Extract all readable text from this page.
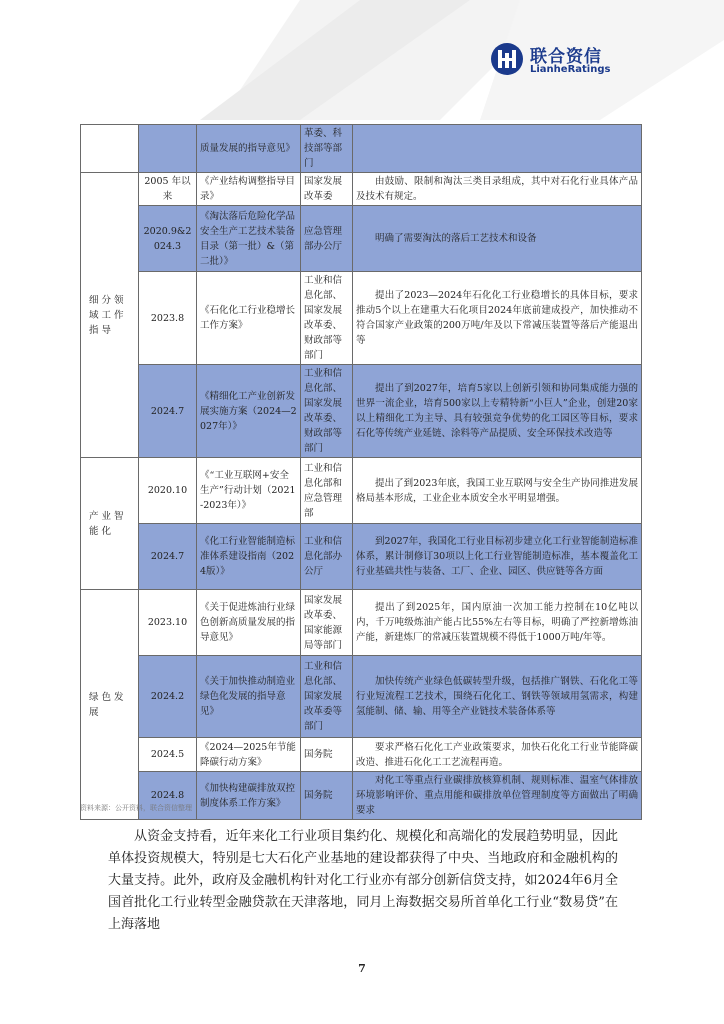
联合资信
LianheRatings
		质量发展的指导意见》	革委、科技部等部门	
细分领域工作指导	2005 年以来	《产业结构调整指导目录》	国家发展改革委	由鼓励、限制和淘汰三类目录组成，其中对石化行业具体产品及技术有规定。
	2020.9&2024.3	《淘汰落后危险化学品安全生产工艺技术装备目录（第一批）&（第二批）》	应急管理部办公厅	明确了需要淘汰的落后工艺技术和设备
	2023.8	《石化化工行业稳增长工作方案》	工业和信息化部、国家发展改革委、财政部等部门	提出了2023—2024年石化化工行业稳增长的具体目标，要求推动5个以上在建重大石化项目2024年底前建成投产，加快推动不符合国家产业政策的200万吨/年及以下常减压装置等落后产能退出等
	2024.7	《精细化工产业创新发展实施方案（2024—2027年）》	工业和信息化部、国家发展改革委、财政部等部门	提出了到2027年，培育5家以上创新引领和协同集成能力强的世界一流企业，培育500家以上专精特新“小巨人”企业，创建20家以上精细化工为主导、具有较强竞争优势的化工园区等目标，要求石化等传统产业延链、涂料等产品提质、安全环保技术改造等
产业智能化	2020.10	《“工业互联网+安全生产”行动计划（2021-2023年）》	工业和信息化部和应急管理部	提出了到2023年底，我国工业互联网与安全生产协同推进发展格局基本形成，工业企业本质安全水平明显增强。
	2024.7	《化工行业智能制造标准体系建设指南（2024版）》	工业和信息化部办公厅	到2027年，我国化工行业目标初步建立化工行业智能制造标准体系，累计制修订30项以上化工行业智能制造标准，基本覆盖化工行业基础共性与装备、工厂、企业、园区、供应链等各方面
绿色发展	2023.10	《关于促进炼油行业绿色创新高质量发展的指导意见》	国家发展改革委、国家能源局等部门	提出了到2025年，国内原油一次加工能力控制在10亿吨以内，千万吨级炼油产能占比55%左右等目标，明确了严控新增炼油产能，新建炼厂的常减压装置规模不得低于1000万吨/年等。
	2024.2	《关于加快推动制造业绿色化发展的指导意见》	工业和信息化部、国家发展改革委等部门	加快传统产业绿色低碳转型升级，包括推广钢铁、石化化工等行业短流程工艺技术，围绕石化化工、钢铁等领域用氢需求，构建氢能制、储、输、用等全产业链技术装备体系等
	2024.5	《2024—2025年节能降碳行动方案》	国务院	要求严格石化化工产业政策要求，加快石化化工行业节能降碳改造、推进石化化工工艺流程再造。
	2024.8	《加快构建碳排放双控制度体系工作方案》	国务院	对化工等重点行业碳排放核算机制、规则标准、温室气体排放环境影响评价、重点用能和碳排放单位管理制度等方面做出了明确要求
资料来源：公开资料，联合资信整理
从资金支持看，近年来化工行业项目集约化、规模化和高端化的发展趋势明显，因此单体投资规模大，特别是七大石化产业基地的建设都获得了中央、当地政府和金融机构的大量支持。此外，政府及金融机构针对化工行业亦有部分创新信贷支持，如2024年6月全国首批化工行业转型金融贷款在天津落地，同月上海数据交易所首单化工行业“数易贷”在上海落地
7
